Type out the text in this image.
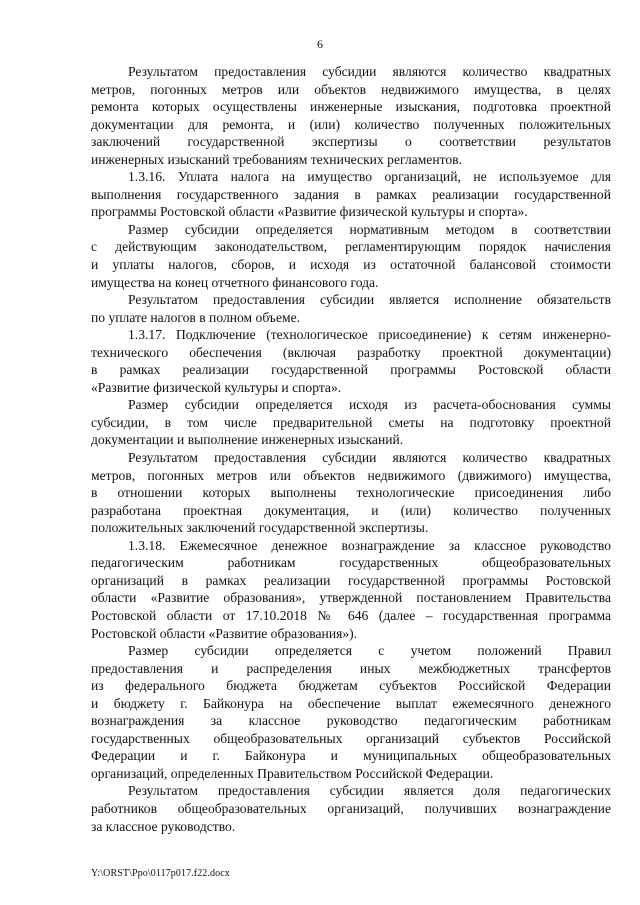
6
Результатом предоставления субсидии являются количество квадратных
метров, погонных метров или объектов недвижимого имущества, в целях
ремонта которых осуществлены инженерные изыскания, подготовка проектной
документации для ремонта, и (или) количество полученных положительных
заключений государственной экспертизы о соответствии результатов
инженерных изысканий требованиям технических регламентов.
1.3.16. Уплата налога на имущество организаций, не используемое для
выполнения государственного задания в рамках реализации государственной
программы Ростовской области «Развитие физической культуры и спорта».
Размер субсидии определяется нормативным методом в соответствии
с действующим законодательством, регламентирующим порядок начисления
и уплаты налогов, сборов, и исходя из остаточной балансовой стоимости
имущества на конец отчетного финансового года.
Результатом предоставления субсидии является исполнение обязательств
по уплате налогов в полном объеме.
1.3.17. Подключение (технологическое присоединение) к сетям инженерно-
технического обеспечения (включая разработку проектной документации)
в рамках реализации государственной программы Ростовской области
«Развитие физической культуры и спорта».
Размер субсидии определяется исходя из расчета-обоснования суммы
субсидии, в том числе предварительной сметы на подготовку проектной
документации и выполнение инженерных изысканий.
Результатом предоставления субсидии являются количество квадратных
метров, погонных метров или объектов недвижимого (движимого) имущества,
в отношении которых выполнены технологические присоединения либо
разработана проектная документация, и (или) количество полученных
положительных заключений государственной экспертизы.
1.3.18. Ежемесячное денежное вознаграждение за классное руководство
педагогическим работникам государственных общеобразовательных
организаций в рамках реализации государственной программы Ростовской
области «Развитие образования», утвержденной постановлением Правительства
Ростовской области от 17.10.2018 № 646 (далее – государственная программа
Ростовской области «Развитие образования»).
Размер субсидии определяется с учетом положений Правил
предоставления и распределения иных межбюджетных трансфертов
из федерального бюджета бюджетам субъектов Российской Федерации
и бюджету г. Байконура на обеспечение выплат ежемесячного денежного
вознаграждения за классное руководство педагогическим работникам
государственных общеобразовательных организаций субъектов Российской
Федерации и г. Байконура и муниципальных общеобразовательных
организаций, определенных Правительством Российской Федерации.
Результатом предоставления субсидии является доля педагогических
работников общеобразовательных организаций, получивших вознаграждение
за классное руководство.
Y:\ORST\Ppo\0117p017.f22.docx
